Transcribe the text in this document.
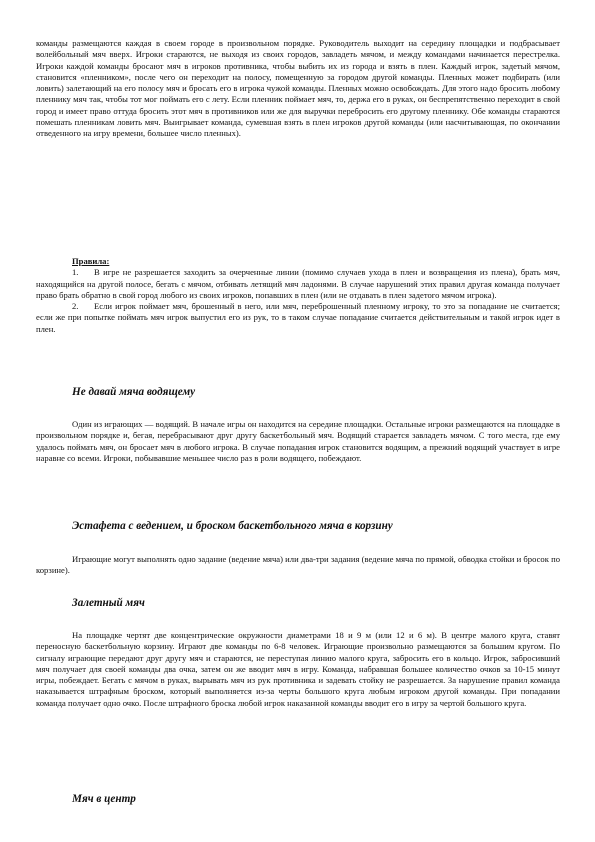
команды размещаются каждая в своем городе в произвольном порядке. Руководитель выходит на середину площадки и подбрасывает волейбольный мяч вверх. Игроки стараются, не выходя из своих городов, завладеть мячом, и между командами начинается перестрелка. Игроки каждой команды бросают мяч в игроков противника, чтобы выбить их из города и взять в плен. Каждый игрок, задетый мячом, становится «пленником», после чего он переходит на полосу, помещенную за городом другой команды. Пленных может подбирать (или ловить) залетающий на его полосу мяч и бросать его в игрока чужой команды. Пленных можно освобождать. Для этого надо бросить любому пленнику мяч так, чтобы тот мог поймать его с лету. Если пленник поймает мяч, то, держа его в руках, он беспрепятственно переходит в свой город и имеет право оттуда бросить этот мяч в противников или же для выручки перебросить его другому пленнику. Обе команды стараются помешать пленникам ловить мяч. Выигрывает команда, сумевшая взять в плен игроков другой команды (или насчитывающая, по окончании отведенного на игру времени, большее число пленных).

Правила:

1. В игре не разрешается заходить за очерченные линии (помимо случаев ухода в плен и возвращения из плена), брать мяч, находящийся на другой полосе, бегать с мячом, отбивать летящий мяч ладонями. В случае нарушений этих правил другая команда получает право брать обратно в свой город любого из своих игроков, попавших в плен (или не отдавать в плен задетого мячом игрока).

2. Если игрок поймает мяч, брошенный в него, или мяч, переброшенный пленному игроку, то это за попадание не считается; если же при попытке поймать мяч игрок выпустил его из рук, то в таком случае попадание считается действительным и такой игрок идет в плен.

Не давай мяча водящему

Один из играющих — водящий. В начале игры он находится на середине площадки. Остальные игроки размещаются на площадке в произвольном порядке и, бегая, перебрасывают друг другу баскетбольный мяч. Водящий старается завладеть мячом. С того места, где ему удалось поймать мяч, он бросает мяч в любого игрока. В случае попадания игрок становится водящим, а прежний водящий участвует в игре наравне со всеми. Игроки, побывавшие меньшее число раз в роли водящего, побеждают.

Эстафета с ведением, и броском баскетбольного мяча в корзину

Играющие могут выполнять одно задание (ведение мяча) или два-три задания (ведение мяча по прямой, обводка стойки и бросок по корзине).

Залетный мяч

На площадке чертят две концентрические окружности диаметрами 18 и 9 м (или 12 и 6 м). В центре малого круга, ставят переносную баскетбольную корзину. Играют две команды по 6-8 человек. Играющие произвольно размещаются за большим кругом. По сигналу играющие передают друг другу мяч и стараются, не переступая линию малого круга, забросить его в кольцо. Игрок, забросивший мяч получает для своей команды два очка, затем он же вводит мяч в игру. Команда, набравшая большее количество очков за 10-15 минут игры, побеждает. Бегать с мячом в руках, вырывать мяч из рук противника и задевать стойку не разрешается. За нарушение правил команда наказывается штрафным броском, который выполняется из-за черты большого круга любым игроком другой команды. При попадании команда получает одно очко. После штрафного броска любой игрок наказанной команды вводит его в игру за чертой большого круга.

Мяч в центр
